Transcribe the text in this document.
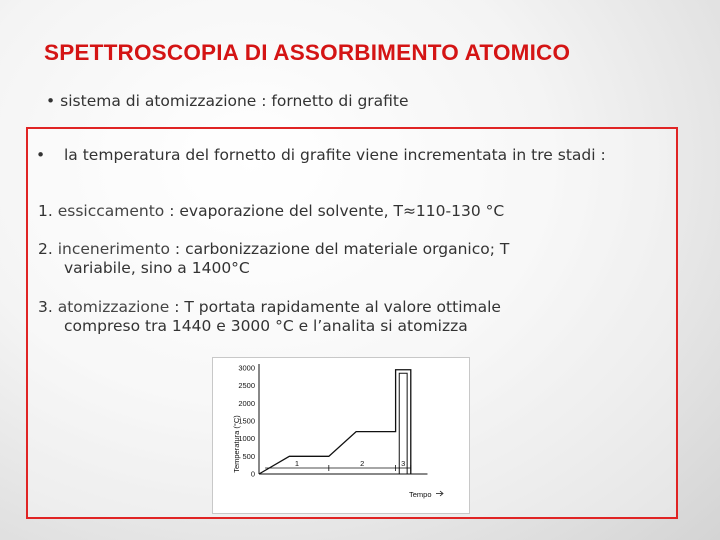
SPETTROSCOPIA DI ASSORBIMENTO ATOMICO
• sistema di atomizzazione : fornetto di grafite
• la temperatura del fornetto di grafite viene incrementata in tre stadi :
1. essiccamento : evaporazione del solvente, T≈110-130 °C
2. incenerimento : carbonizzazione del materiale organico; T
variabile, sino a 1400°C
3. atomizzazione : T portata rapidamente al valore ottimale
compreso tra 1440 e 3000 °C e l’analita si atomizza
Temperatura (°C)
Tempo
0
500
1000
1500
2000
2500
3000
1	2	3
